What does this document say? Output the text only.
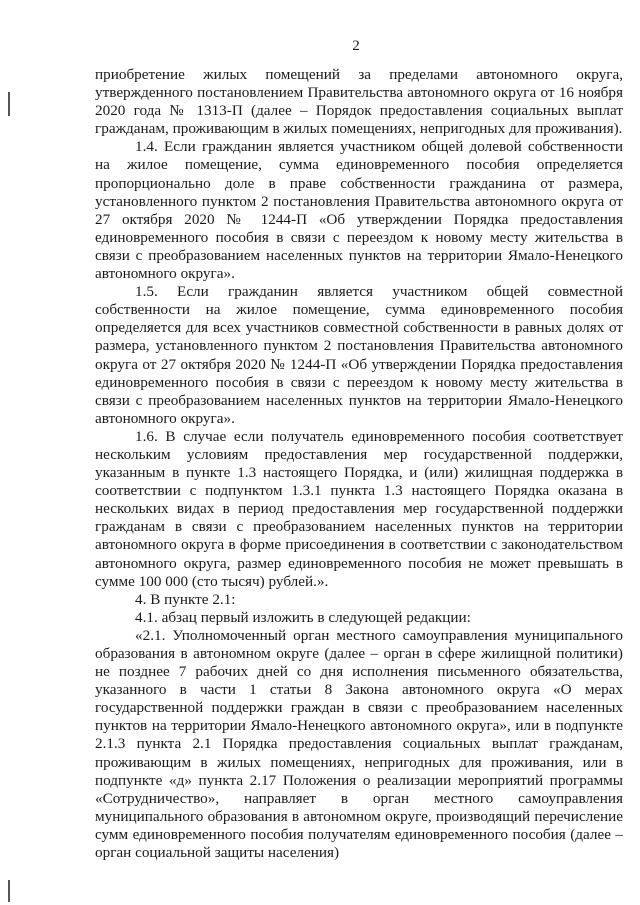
2

приобретение жилых помещений за пределами автономного округа, утвержденного постановлением Правительства автономного округа от 16 ноября 2020 года № 1313-П (далее – Порядок предоставления социальных выплат гражданам, проживающим в жилых помещениях, непригодных для проживания).

1.4. Если гражданин является участником общей долевой собственности на жилое помещение, сумма единовременного пособия определяется пропорционально доле в праве собственности гражданина от размера, установленного пунктом 2 постановления Правительства автономного округа от 27 октября 2020 № 1244-П «Об утверждении Порядка предоставления единовременного пособия в связи с переездом к новому месту жительства в связи с преобразованием населенных пунктов на территории Ямало-Ненецкого автономного округа».

1.5. Если гражданин является участником общей совместной собственности на жилое помещение, сумма единовременного пособия определяется для всех участников совместной собственности в равных долях от размера, установленного пунктом 2 постановления Правительства автономного округа от 27 октября 2020 № 1244-П «Об утверждении Порядка предоставления единовременного пособия в связи с переездом к новому месту жительства в связи с преобразованием населенных пунктов на территории Ямало-Ненецкого автономного округа».

1.6. В случае если получатель единовременного пособия соответствует нескольким условиям предоставления мер государственной поддержки, указанным в пункте 1.3 настоящего Порядка, и (или) жилищная поддержка в соответствии с подпунктом 1.3.1 пункта 1.3 настоящего Порядка оказана в нескольких видах в период предоставления мер государственной поддержки гражданам в связи с преобразованием населенных пунктов на территории автономного округа в форме присоединения в соответствии с законодательством автономного округа, размер единовременного пособия не может превышать в сумме 100 000 (сто тысяч) рублей.».

4. В пункте 2.1:

4.1. абзац первый изложить в следующей редакции:

«2.1. Уполномоченный орган местного самоуправления муниципального образования в автономном округе (далее – орган в сфере жилищной политики) не позднее 7 рабочих дней со дня исполнения письменного обязательства, указанного в части 1 статьи 8 Закона автономного округа «О мерах государственной поддержки граждан в связи с преобразованием населенных пунктов на территории Ямало-Ненецкого автономного округа», или в подпункте 2.1.3 пункта 2.1 Порядка предоставления социальных выплат гражданам, проживающим в жилых помещениях, непригодных для проживания, или в подпункте «д» пункта 2.17 Положения о реализации мероприятий программы «Сотрудничество», направляет в орган местного самоуправления муниципального образования в автономном округе, производящий перечисление сумм единовременного пособия получателям единовременного пособия (далее – орган социальной защиты населения)
